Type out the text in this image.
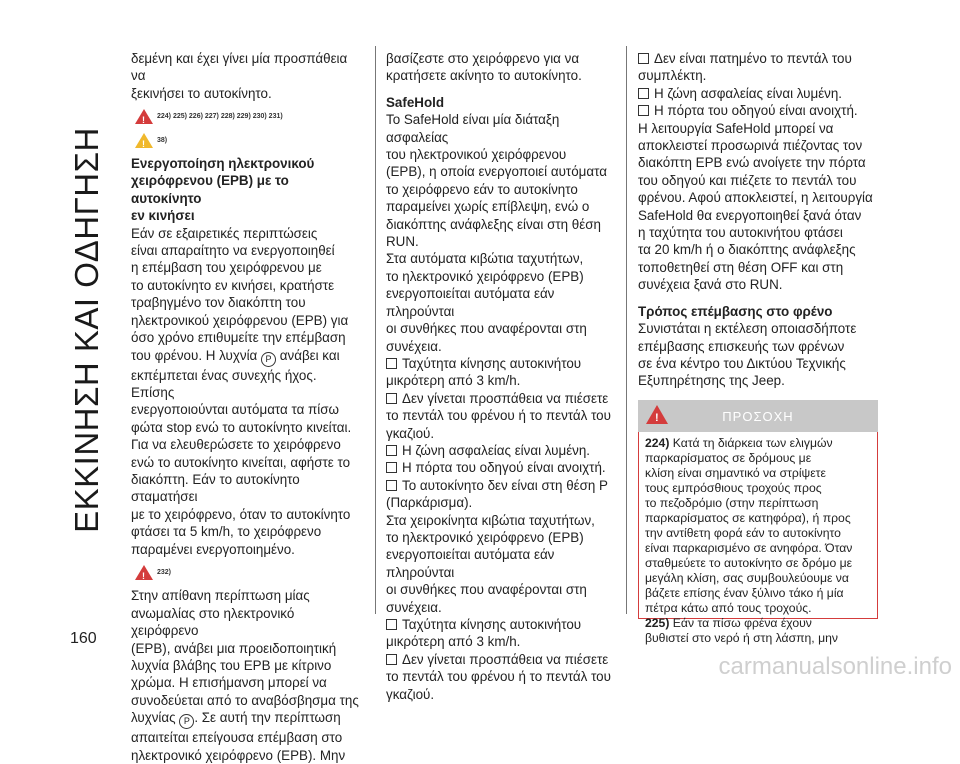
ΕΚΚΙΝΗΣΗ ΚΑΙ ΟΔΗΓΗΣΗ
160

δεμένη και έχει γίνει μία προσπάθεια να

ξεκινήσει το αυτοκίνητο.

!
224) 225) 226) 227) 228) 229) 230) 231)
!
38)

Ενεργοποίηση ηλεκτρονικού

χειρόφρενου (EPB) με το αυτοκίνητο

εν κινήσει

Εάν σε εξαιρετικές περιπτώσεις

είναι απαραίτητο να ενεργοποιηθεί

η επέμβαση του χειρόφρενου με

το αυτοκίνητο εν κινήσει, κρατήστε

τραβηγμένο τον διακόπτη του

ηλεκτρονικού χειρόφρενου (EPB) για

όσο χρόνο επιθυμείτε την επέμβαση

του φρένου. Η λυχνία P ανάβει και

εκπέμπεται ένας συνεχής ήχος. Επίσης

ενεργοποιούνται αυτόματα τα πίσω

φώτα stop ενώ το αυτοκίνητο κινείται.

Για να ελευθερώσετε το χειρόφρενο

ενώ το αυτοκίνητο κινείται, αφήστε το

διακόπτη. Εάν το αυτοκίνητο σταματήσει

με το χειρόφρενο, όταν το αυτοκίνητο

φτάσει τα 5 km/h, το χειρόφρενο

παραμένει ενεργοποιημένο.

!
232)

Στην απίθανη περίπτωση μίας

ανωμαλίας στο ηλεκτρονικό χειρόφρενο

(EPB), ανάβει μια προειδοποιητική

λυχνία βλάβης του EPB με κίτρινο

χρώμα. Η επισήμανση μπορεί να

συνοδεύεται από το αναβόσβησμα της

λυχνίας P . Σε αυτή την περίπτωση

απαιτείται επείγουσα επέμβαση στο

ηλεκτρονικό χειρόφρενο (EPB). Μην

βασίζεστε στο χειρόφρενο για να

κρατήσετε ακίνητο το αυτοκίνητο.

SafeHold

Το SafeHold είναι μία διάταξη ασφαλείας

του ηλεκτρονικού χειρόφρενου

(EPB), η οποία ενεργοποιεί αυτόματα

το χειρόφρενο εάν το αυτοκίνητο

παραμείνει χωρίς επίβλεψη, ενώ ο

διακόπτης ανάφλεξης είναι στη θέση

RUN.

Στα αυτόματα κιβώτια ταχυτήτων,

το ηλεκτρονικό χειρόφρενο (EPB)

ενεργοποιείται αυτόματα εάν πληρούνται

οι συνθήκες που αναφέρονται στη

συνέχεια.

Ταχύτητα κίνησης αυτοκινήτου

μικρότερη από 3 km/h.

Δεν γίνεται προσπάθεια να πιέσετε

το πεντάλ του φρένου ή το πεντάλ του

γκαζιού.

Η ζώνη ασφαλείας είναι λυμένη.

Η πόρτα του οδηγού είναι ανοιχτή.

Το αυτοκίνητο δεν είναι στη θέση P

(Παρκάρισμα).

Στα χειροκίνητα κιβώτια ταχυτήτων,

το ηλεκτρονικό χειρόφρενο (EPB)

ενεργοποιείται αυτόματα εάν πληρούνται

οι συνθήκες που αναφέρονται στη

συνέχεια.

Ταχύτητα κίνησης αυτοκινήτου

μικρότερη από 3 km/h.

Δεν γίνεται προσπάθεια να πιέσετε

το πεντάλ του φρένου ή το πεντάλ του

γκαζιού.

Δεν είναι πατημένο το πεντάλ του

συμπλέκτη.

Η ζώνη ασφαλείας είναι λυμένη.

Η πόρτα του οδηγού είναι ανοιχτή.

Η λειτουργία SafeHold μπορεί να

αποκλειστεί προσωρινά πιέζοντας τον

διακόπτη EPB ενώ ανοίγετε την πόρτα

του οδηγού και πιέζετε το πεντάλ του

φρένου. Αφού αποκλειστεί, η λειτουργία

SafeHold θα ενεργοποιηθεί ξανά όταν

η ταχύτητα του αυτοκινήτου φτάσει

τα 20 km/h ή ο διακόπτης ανάφλεξης

τοποθετηθεί στη θέση OFF και στη

συνέχεια ξανά στο RUN.

Τρόπος επέμβασης στο φρένο

Συνιστάται η εκτέλεση οποιασδήποτε

επέμβασης επισκευής των φρένων

σε ένα κέντρο του Δικτύου Τεχνικής

Εξυπηρέτησης της Jeep.

!
ΠΡΟΣΟΧΗ

224) Κατά τη διάρκεια των ελιγμών

παρκαρίσματος σε δρόμους με

κλίση είναι σημαντικό να στρίψετε

τους εμπρόσθιους τροχούς προς

το πεζοδρόμιο (στην περίπτωση

παρκαρίσματος σε κατηφόρα), ή προς

την αντίθετη φορά εάν το αυτοκίνητο

είναι παρκαρισμένο σε ανηφόρα. Όταν

σταθμεύετε το αυτοκίνητο σε δρόμο με

μεγάλη κλίση, σας συμβουλεύουμε να

βάζετε επίσης έναν ξύλινο τάκο ή μία

πέτρα κάτω από τους τροχούς.

225) Εάν τα πίσω φρένα έχουν

βυθιστεί στο νερό ή στη λάσπη, μην

carmanualsonline.info
